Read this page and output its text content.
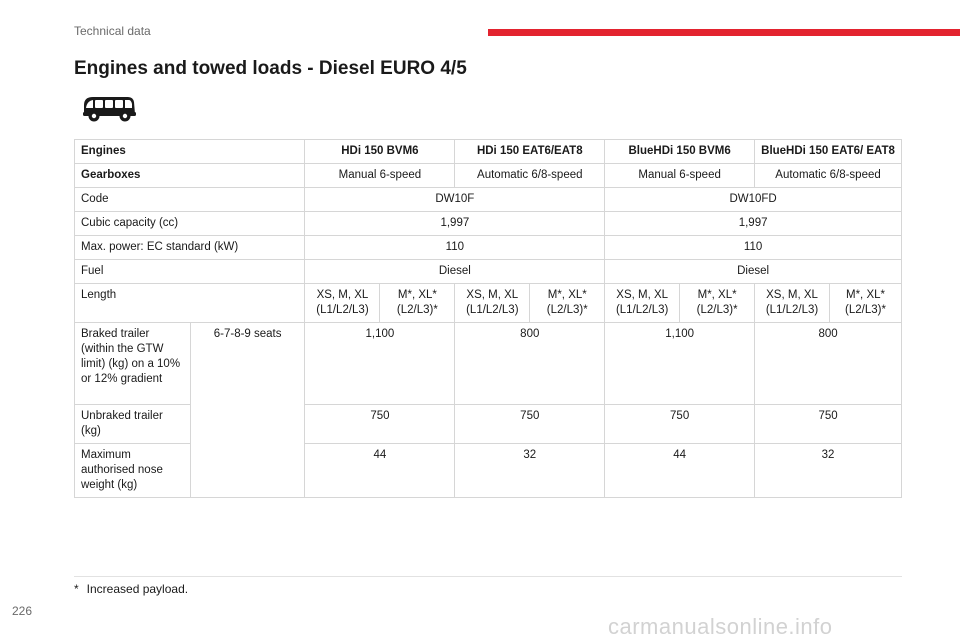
Technical data
Engines and towed loads - Diesel EURO 4/5
Engines		HDi 150 BVM6		HDi 150 EAT6/EAT8		BlueHDi 150 BVM6		BlueHDi 150 EAT6/ EAT8	
Gearboxes		Manual 6-speed		Automatic 6/8-speed		Manual 6-speed		Automatic 6/8-speed	
Code		DW10F				DW10FD			
Cubic capacity (cc)		1,997				1,997			
Max. power: EC standard (kW)		110				110			
Fuel		Diesel				Diesel			
Length		XS, M, XL (L1/L2/L3)	M*, XL* (L2/L3)*	XS, M, XL (L1/L2/L3)	M*, XL* (L2/L3)*	XS, M, XL (L1/L2/L3)	M*, XL* (L2/L3)*	XS, M, XL (L1/L2/L3)	M*, XL* (L2/L3)*
Braked trailer (within the GTW limit) (kg) on a 10% or 12% gradient	6-7-8-9 seats	1,100		800		1,100		800	
Unbraked trailer (kg)		750		750		750		750	
Maximum authorised nose weight (kg)		44		32		44		32	
* Increased payload.
226
carmanualsonline.info
